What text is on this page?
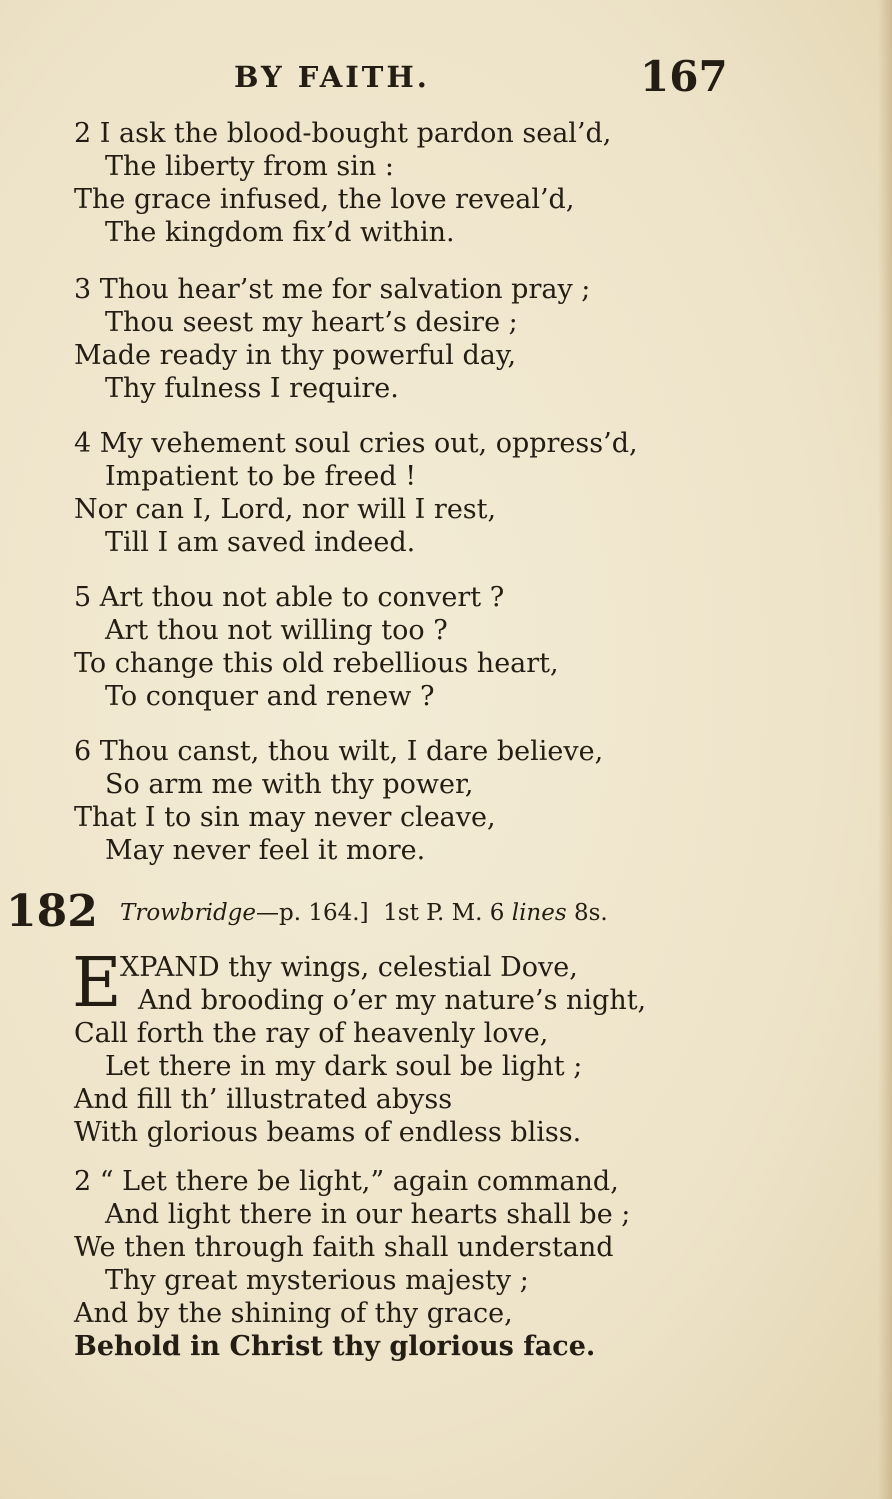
BY FAITH.	167
2 I ask the blood-bought pardon seal’d,
The liberty from sin :
The grace infused, the love reveal’d,
The kingdom fix’d within.
3 Thou hear’st me for salvation pray ;
Thou seest my heart’s desire ;
Made ready in thy powerful day,
Thy fulness I require.
4 My vehement soul cries out, oppress’d,
Impatient to be freed !
Nor can I, Lord, nor will I rest,
Till I am saved indeed.
5 Art thou not able to convert ?
Art thou not willing too ?
To change this old rebellious heart,
To conquer and renew ?
6 Thou canst, thou wilt, I dare believe,
So arm me with thy power,
That I to sin may never cleave,
May never feel it more.
182 Trowbridge—p. 164.] 1st P. M. 6 lines 8s.
E
XPAND thy wings, celestial Dove,
And brooding o’er my nature’s night,
Call forth the ray of heavenly love,
Let there in my dark soul be light ;
And fill th’ illustrated abyss
With glorious beams of endless bliss.
2 “ Let there be light,” again command,
And light there in our hearts shall be ;
We then through faith shall understand
Thy great mysterious majesty ;
And by the shining of thy grace,
Behold in Christ thy glorious face.
